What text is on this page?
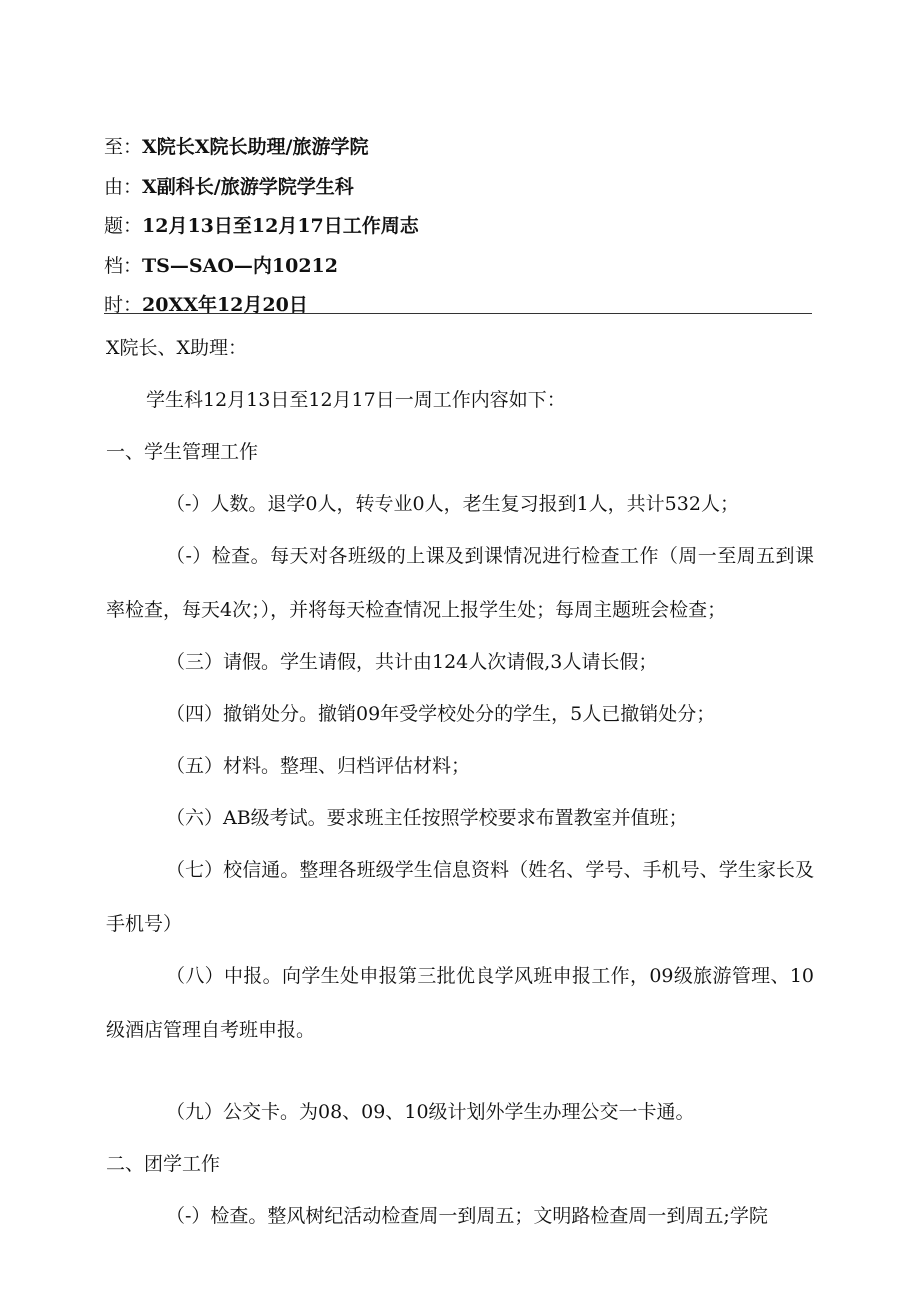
至：X院长X院长助理/旅游学院
由：X副科长/旅游学院学生科
题：12月13日至12月17日工作周志
档：TS—SAO—内10212
时：20XX年12月20日

X院长、X助理：

学生科12月13日至12月17日一周工作内容如下：

一、学生管理工作

（-）人数。退学0人，转专业0人，老生复习报到1人，共计532人；

（-）检查。每天对各班级的上课及到课情况进行检查工作（周一至周五到课率检查，每天4次；），并将每天检查情况上报学生处；每周主题班会检查；

（三）请假。学生请假，共计由124人次请假,3人请长假；

（四）撤销处分。撤销09年受学校处分的学生，5人已撤销处分；

（五）材料。整理、归档评估材料；

（六）AB级考试。要求班主任按照学校要求布置教室并值班；

（七）校信通。整理各班级学生信息资料（姓名、学号、手机号、学生家长及手机号）

（八）中报。向学生处申报第三批优良学风班申报工作，09级旅游管理、10级酒店管理自考班申报。

（九）公交卡。为08、09、10级计划外学生办理公交一卡通。

二、团学工作

（-）检查。整风树纪活动检查周一到周五；文明路检查周一到周五;学院
